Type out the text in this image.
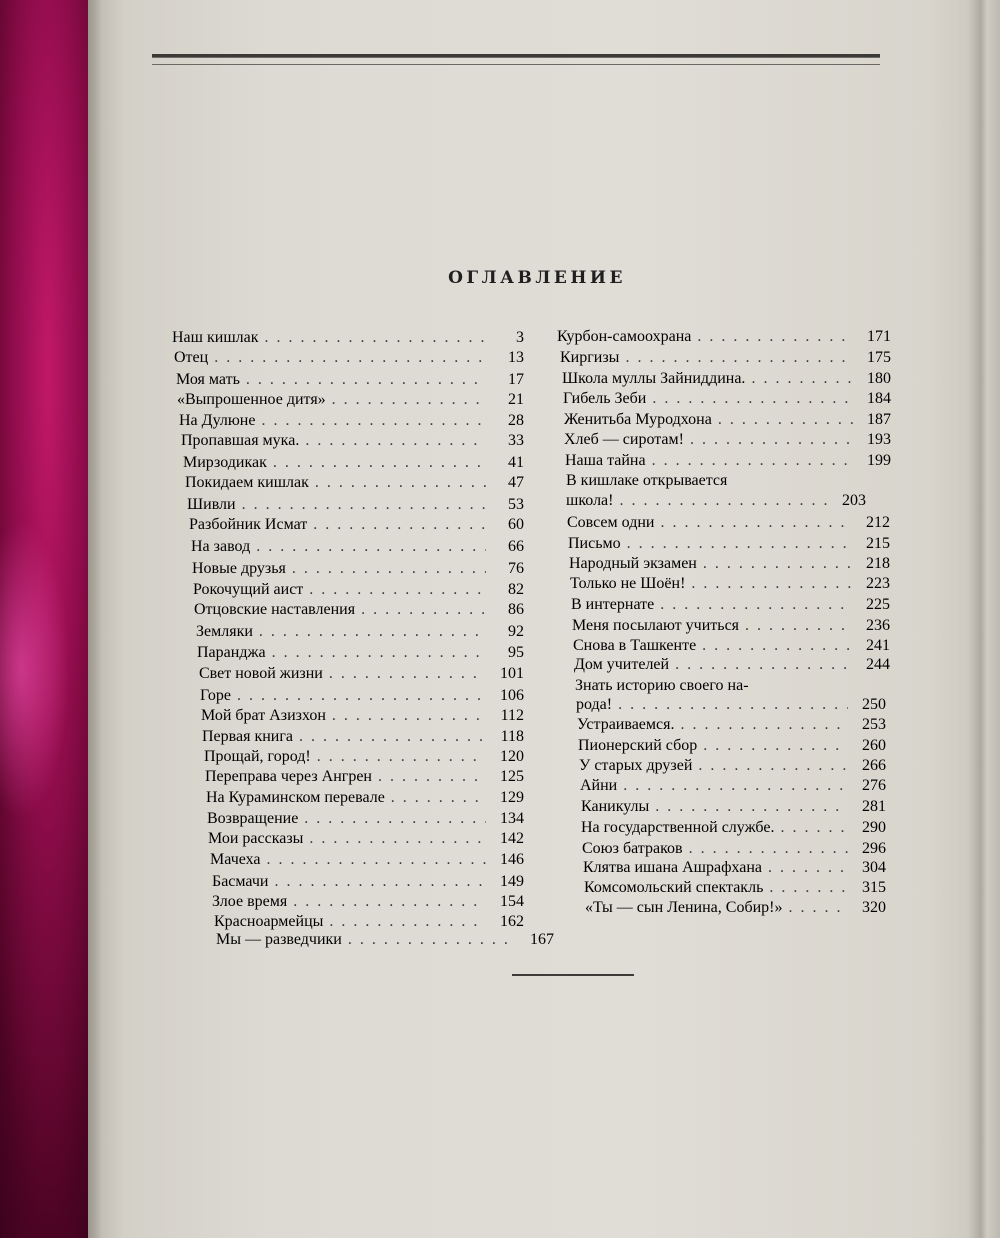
ОГЛАВЛЕНИЕ
Наш кишлак . . .	3
Отец . . .	13
Моя мать . . .	17
«Выпрошенное дитя» . . .	21
На Дулюне . . .	28
Пропавшая мука. . . .	33
Мирзодикак . . .	41
Покидаем кишлак . . .	47
Шивли . . .	53
Разбойник Исмат . . .	60
На завод . . .	66
Новые друзья . . .	76
Рокочущий аист . . .	82
Отцовские наставления . . .	86
Земляки . . .	92
Паранджа . . .	95
Свет новой жизни . . .	101
Горе . . .	106
Мой брат Азизхон . . .	112
Первая книга . . .	118
Прощай, город! . . .	120
Переправа через Ангрен . . .	125
На Кураминском перевале . . .	129
Возвращение . . .	134
Мои рассказы . . .	142
Мачеха . . .	146
Басмачи . . .	149
Злое время . . .	154
Красноармейцы . . .	162
Мы — разведчики . . .	167
Курбон-самоохрана . . .	171
Киргизы . . .	175
Школа муллы Зайниддина. . . .	180
Гибель Зеби . . .	184
Женитьба Муродхона . . .	187
Хлеб — сиротам! . . .	193
Наша тайна . . .	199
В кишлаке открывается
школа! . . .	203
Совсем одни . . .	212
Письмо . . .	215
Народный экзамен . . .	218
Только не Шоён! . . .	223
В интернате . . .	225
Меня посылают учиться . . .	236
Снова в Ташкенте . . .	241
Дом учителей . . .	244
Знать историю своего на-
рода! . . .	250
Устраиваемся. . . .	253
Пионерский сбор . . .	260
У старых друзей . . .	266
Айни . . .	276
Каникулы . . .	281
На государственной службе. . . .	290
Союз батраков . . .	296
Клятва ишана Ашрафхана . . .	304
Комсомольский спектакль . . .	315
«Ты — сын Ленина, Собир!» . . .	320
